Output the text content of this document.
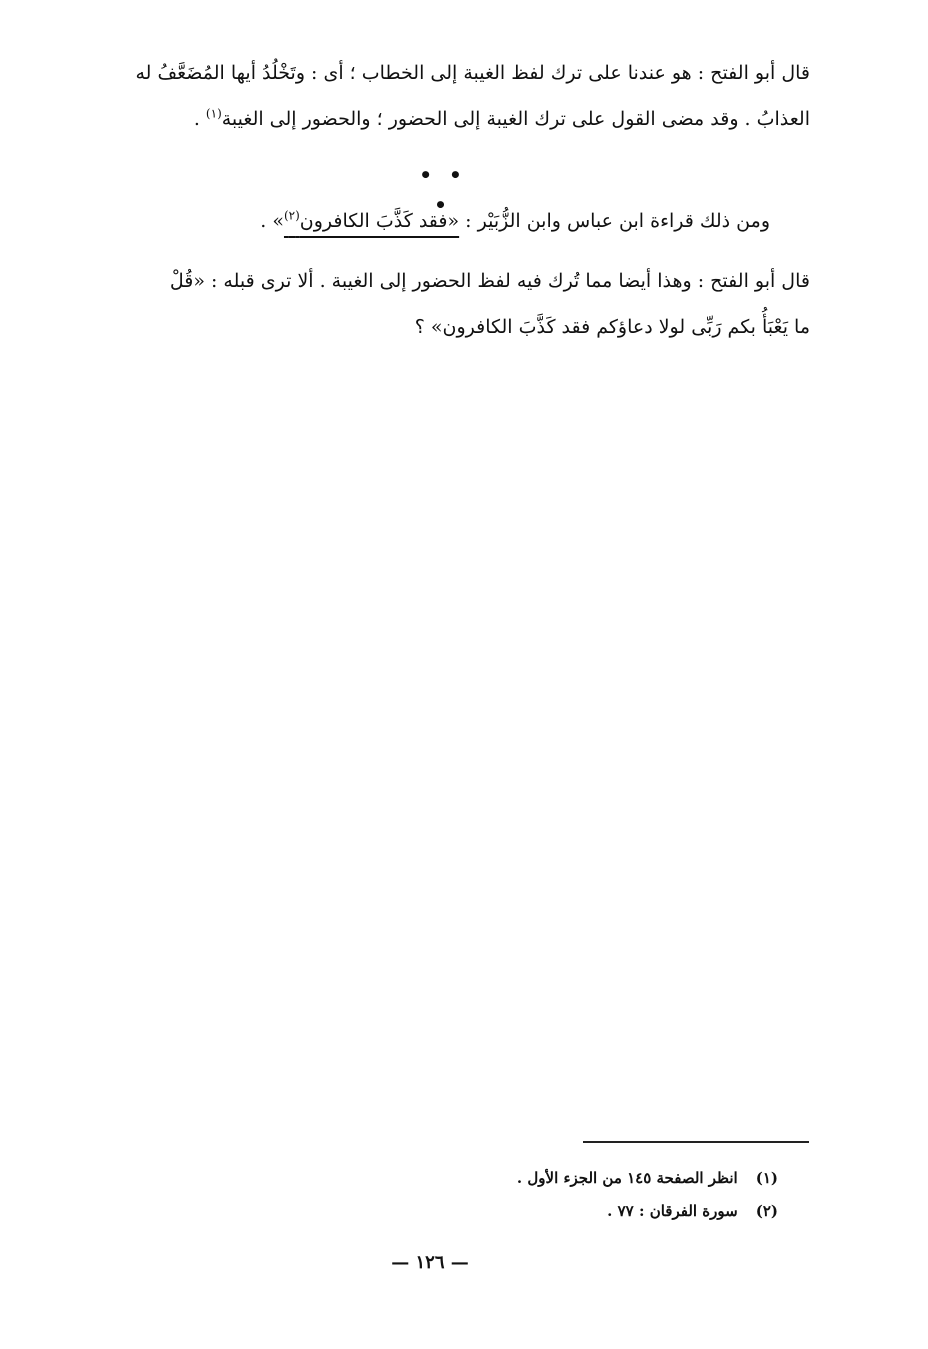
قال أبو الفتح : هو عندنا على ترك لفظ الغيبة إلى الخطاب ؛ أى : وتَخْلُدُ أيها المُضَعَّفُ له
العذابُ . وقد مضى القول على ترك الغيبة إلى الحضور ؛ والحضور إلى الغيبة$^{(١)}$ .
• • •
ومن ذلك قراءة ابن عباس وابن الزُّبَيْر : «فقد كَذَّبَ الكافرون$^{(٢)}$» .
قال أبو الفتح : وهذا أيضا مما تُرك فيه لفظ الحضور إلى الغيبة . ألا ترى قبله : «قُلْ
ما يَعْبَأُ بكم رَبِّى لولا دعاؤكم فقد كَذَّبَ الكافرون» ؟
(١)انظر الصفحة ١٤٥ من الجزء الأول .
(٢)سورة الفرقان : ٧٧ .
— ١٢٦ —
